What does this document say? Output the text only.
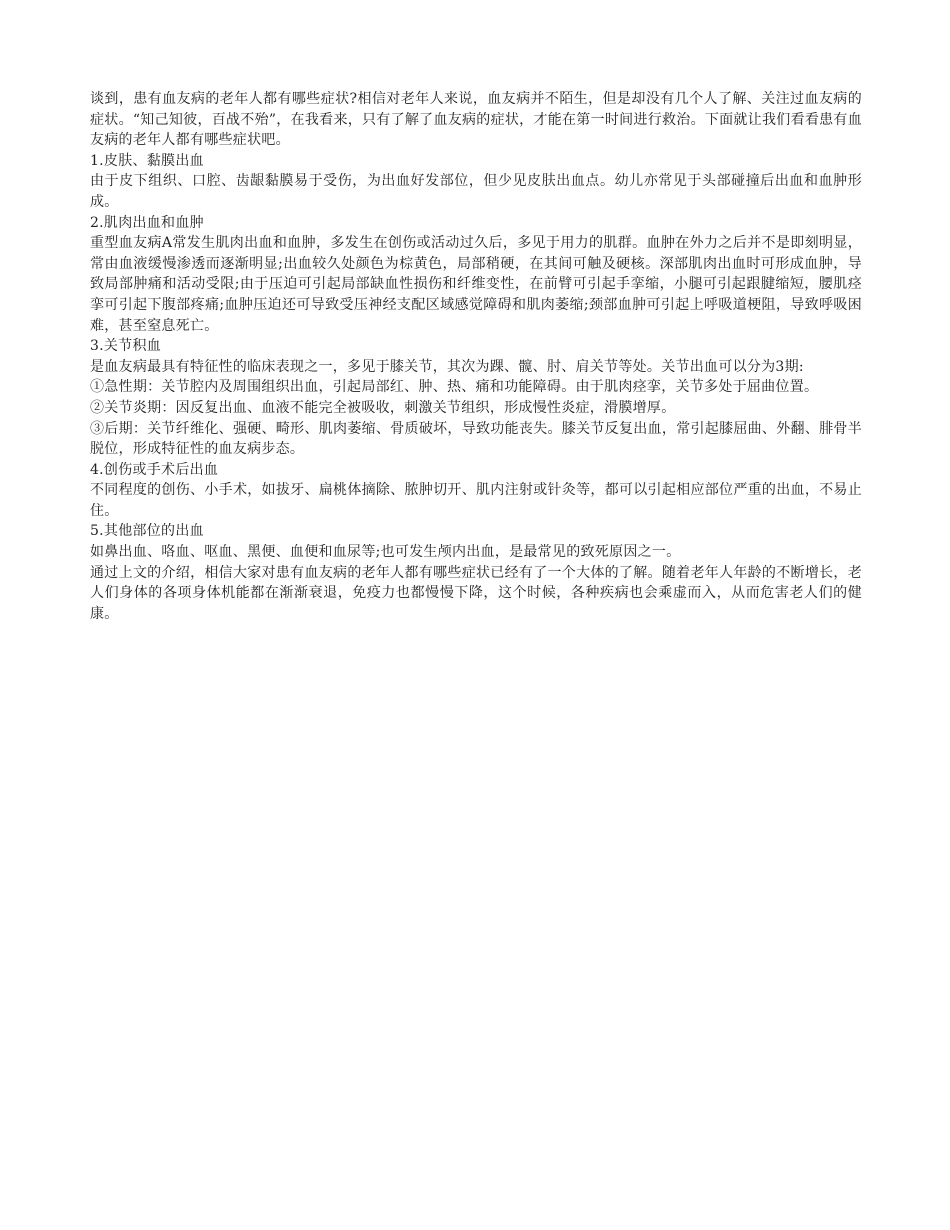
谈到，患有血友病的老年人都有哪些症状?相信对老年人来说，血友病并不陌生，但是却没有几个人了解、关注过血友病的症状。“知己知彼，百战不殆”，在我看来，只有了解了血友病的症状，才能在第一时间进行救治。下面就让我们看看患有血友病的老年人都有哪些症状吧。

1.皮肤、黏膜出血

由于皮下组织、口腔、齿龈黏膜易于受伤，为出血好发部位，但少见皮肤出血点。幼儿亦常见于头部碰撞后出血和血肿形成。

2.肌肉出血和血肿

重型血友病A常发生肌肉出血和血肿，多发生在创伤或活动过久后，多见于用力的肌群。血肿在外力之后并不是即刻明显，常由血液缓慢渗透而逐渐明显;出血较久处颜色为棕黄色，局部稍硬，在其间可触及硬核。深部肌肉出血时可形成血肿，导致局部肿痛和活动受限;由于压迫可引起局部缺血性损伤和纤维变性，在前臂可引起手挛缩，小腿可引起跟腱缩短，腰肌痉挛可引起下腹部疼痛;血肿压迫还可导致受压神经支配区域感觉障碍和肌肉萎缩;颈部血肿可引起上呼吸道梗阻，导致呼吸困难，甚至窒息死亡。

3.关节积血

是血友病最具有特征性的临床表现之一，多见于膝关节，其次为踝、髋、肘、肩关节等处。关节出血可以分为3期:

①急性期：关节腔内及周围组织出血，引起局部红、肿、热、痛和功能障碍。由于肌肉痉挛，关节多处于屈曲位置。

②关节炎期：因反复出血、血液不能完全被吸收，刺激关节组织，形成慢性炎症，滑膜增厚。

③后期：关节纤维化、强硬、畸形、肌肉萎缩、骨质破坏，导致功能丧失。膝关节反复出血，常引起膝屈曲、外翻、腓骨半脱位，形成特征性的血友病步态。

4.创伤或手术后出血

不同程度的创伤、小手术，如拔牙、扁桃体摘除、脓肿切开、肌内注射或针灸等，都可以引起相应部位严重的出血，不易止住。

5.其他部位的出血

如鼻出血、咯血、呕血、黑便、血便和血尿等;也可发生颅内出血，是最常见的致死原因之一。

通过上文的介绍，相信大家对患有血友病的老年人都有哪些症状已经有了一个大体的了解。随着老年人年龄的不断增长，老人们身体的各项身体机能都在渐渐衰退，免疫力也都慢慢下降，这个时候，各种疾病也会乘虚而入，从而危害老人们的健康。
